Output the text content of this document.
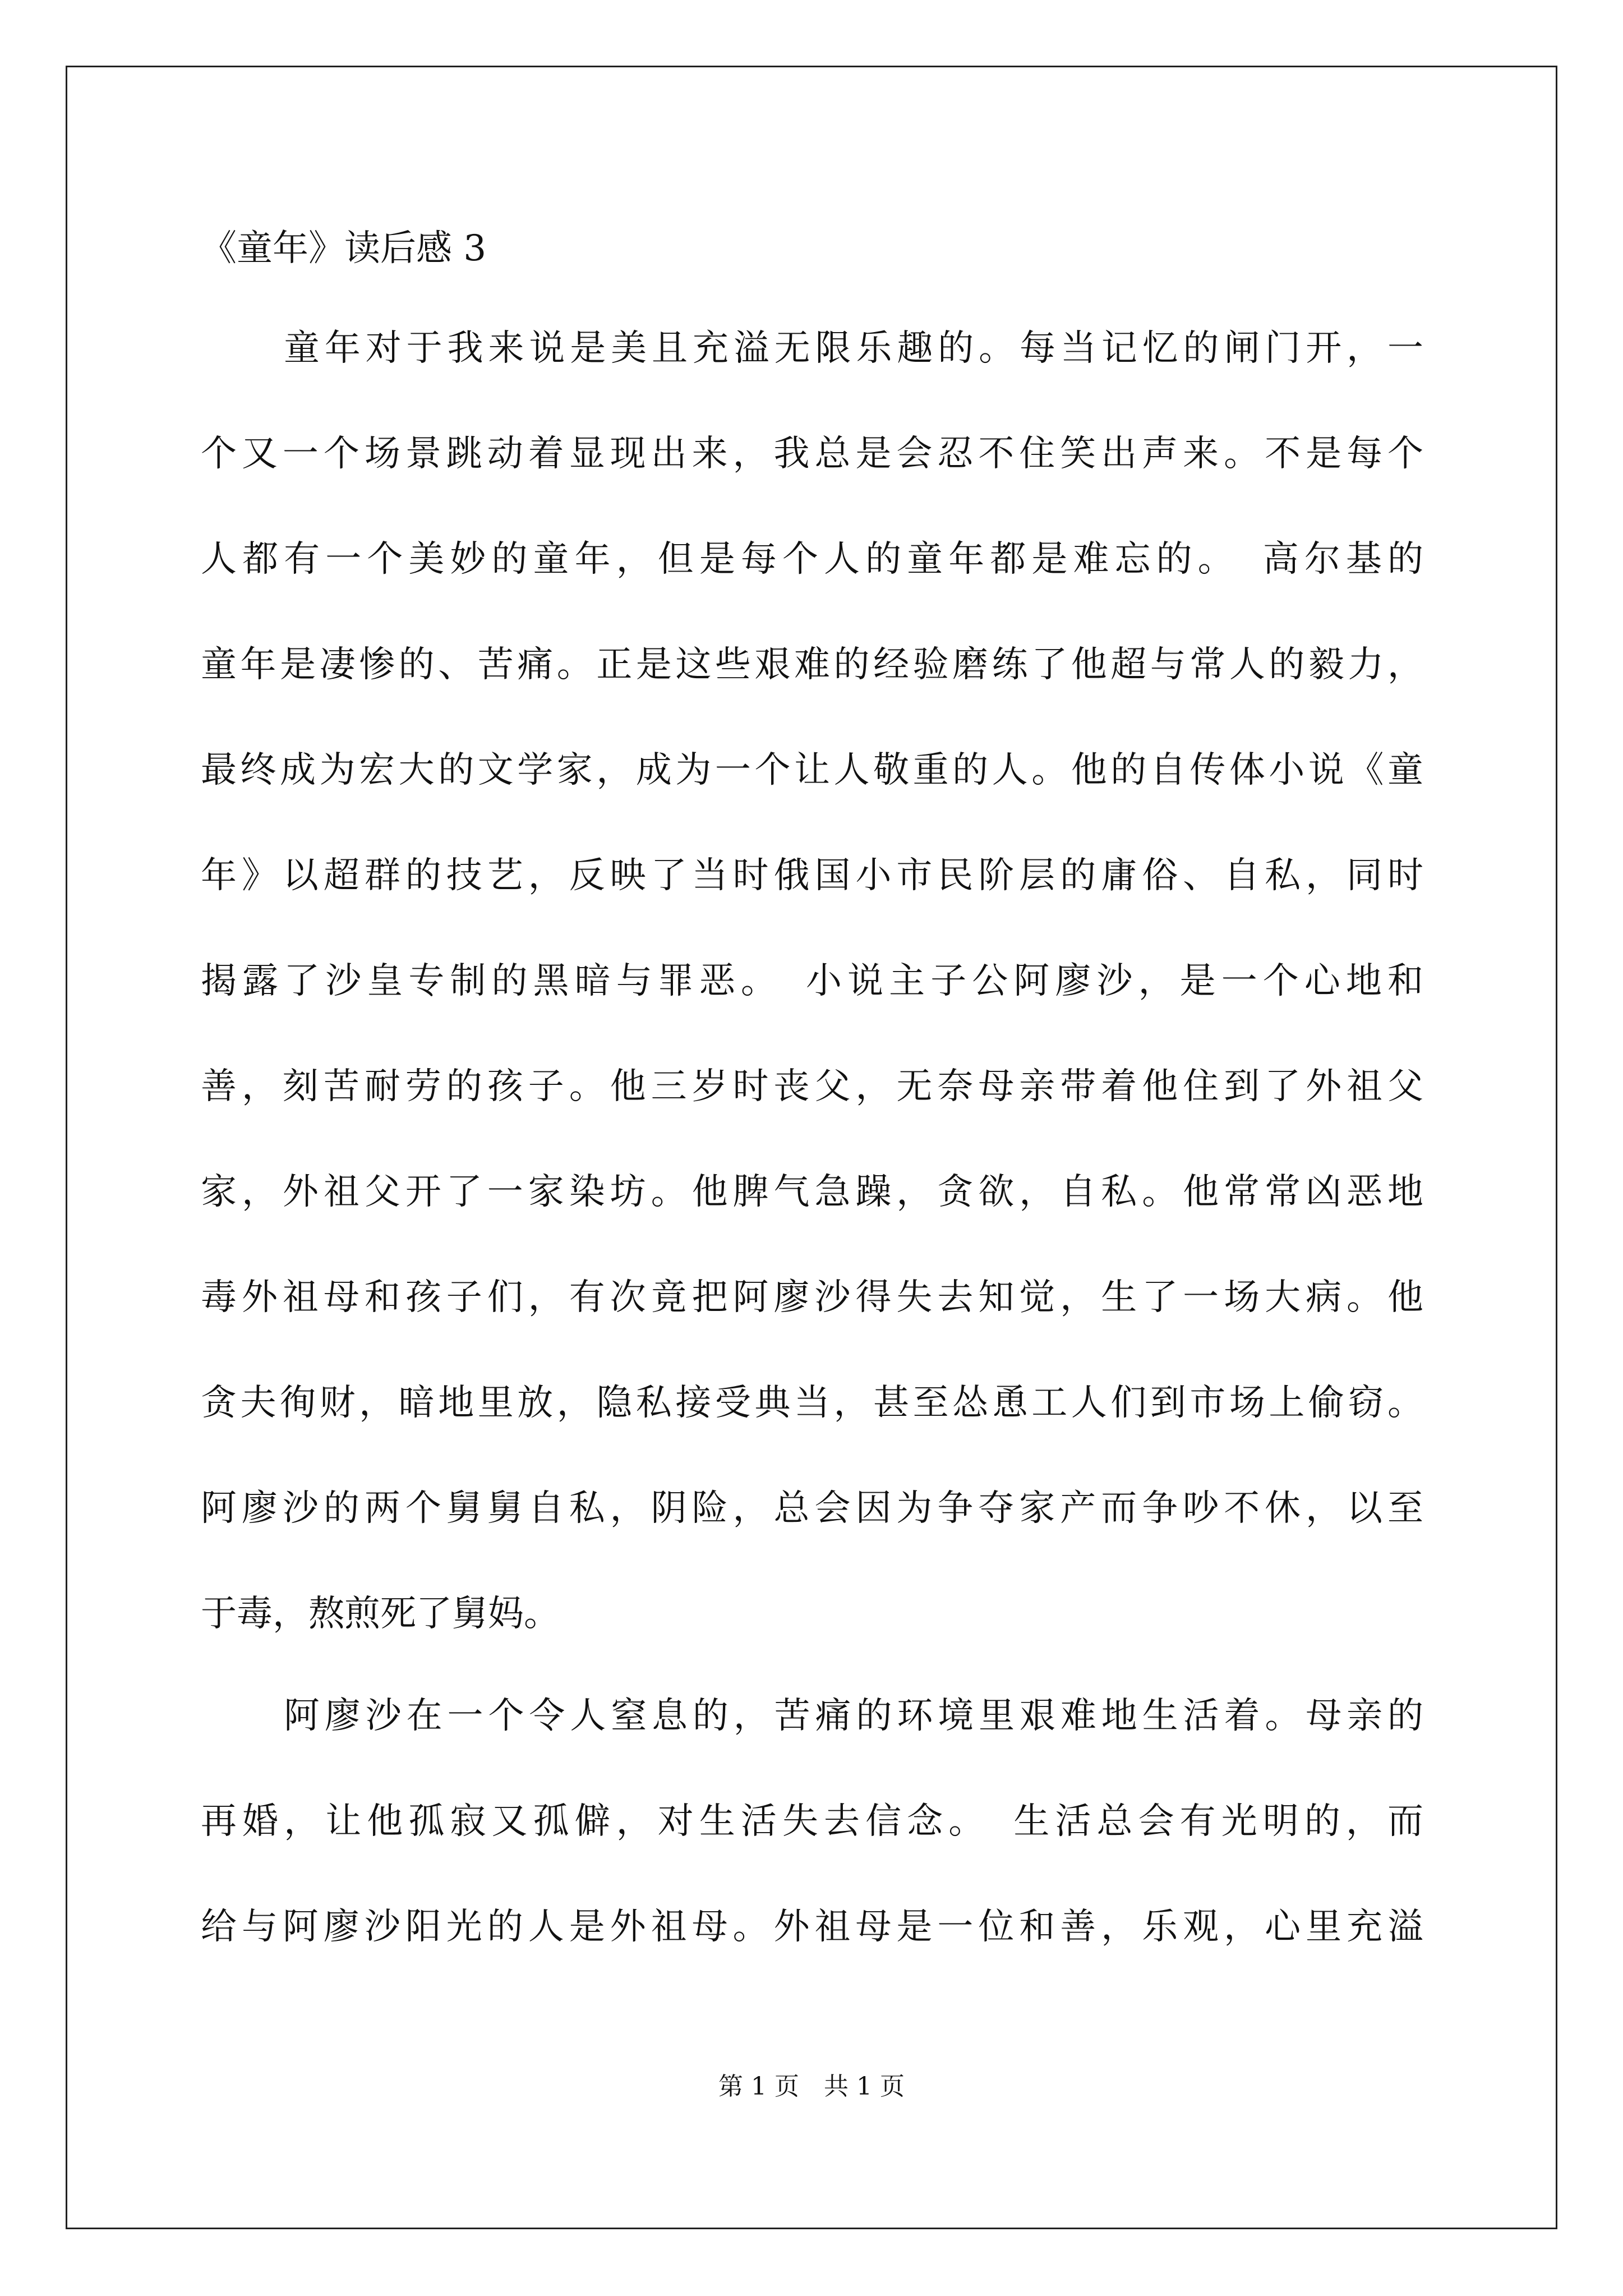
《童年》读后感 3
童年对于我来说是美且充溢无限乐趣的。每当记忆的闸门开，一
个又一个场景跳动着显现出来，我总是会忍不住笑出声来。不是每个
人都有一个美妙的童年，但是每个人的童年都是难忘的。　高尔基的
童年是凄惨的、苦痛。正是这些艰难的经验磨练了他超与常人的毅力，
最终成为宏大的文学家，成为一个让人敬重的人。他的自传体小说《童
年》以超群的技艺，反映了当时俄国小市民阶层的庸俗、自私，同时
揭露了沙皇专制的黑暗与罪恶。　小说主子公阿廖沙，是一个心地和
善，刻苦耐劳的孩子。他三岁时丧父，无奈母亲带着他住到了外祖父
家，外祖父开了一家染坊。他脾气急躁，贪欲，自私。他常常凶恶地
毒外祖母和孩子们，有次竟把阿廖沙得失去知觉，生了一场大病。他
贪夫徇财，暗地里放，隐私接受典当，甚至怂恿工人们到市场上偷窃。
阿廖沙的两个舅舅自私，阴险，总会因为争夺家产而争吵不休，以至
于毒，熬煎死了舅妈。
阿廖沙在一个令人窒息的，苦痛的环境里艰难地生活着。母亲的
再婚，让他孤寂又孤僻，对生活失去信念。　生活总会有光明的，而
给与阿廖沙阳光的人是外祖母。外祖母是一位和善，乐观，心里充溢
第 1 页　共 1 页
